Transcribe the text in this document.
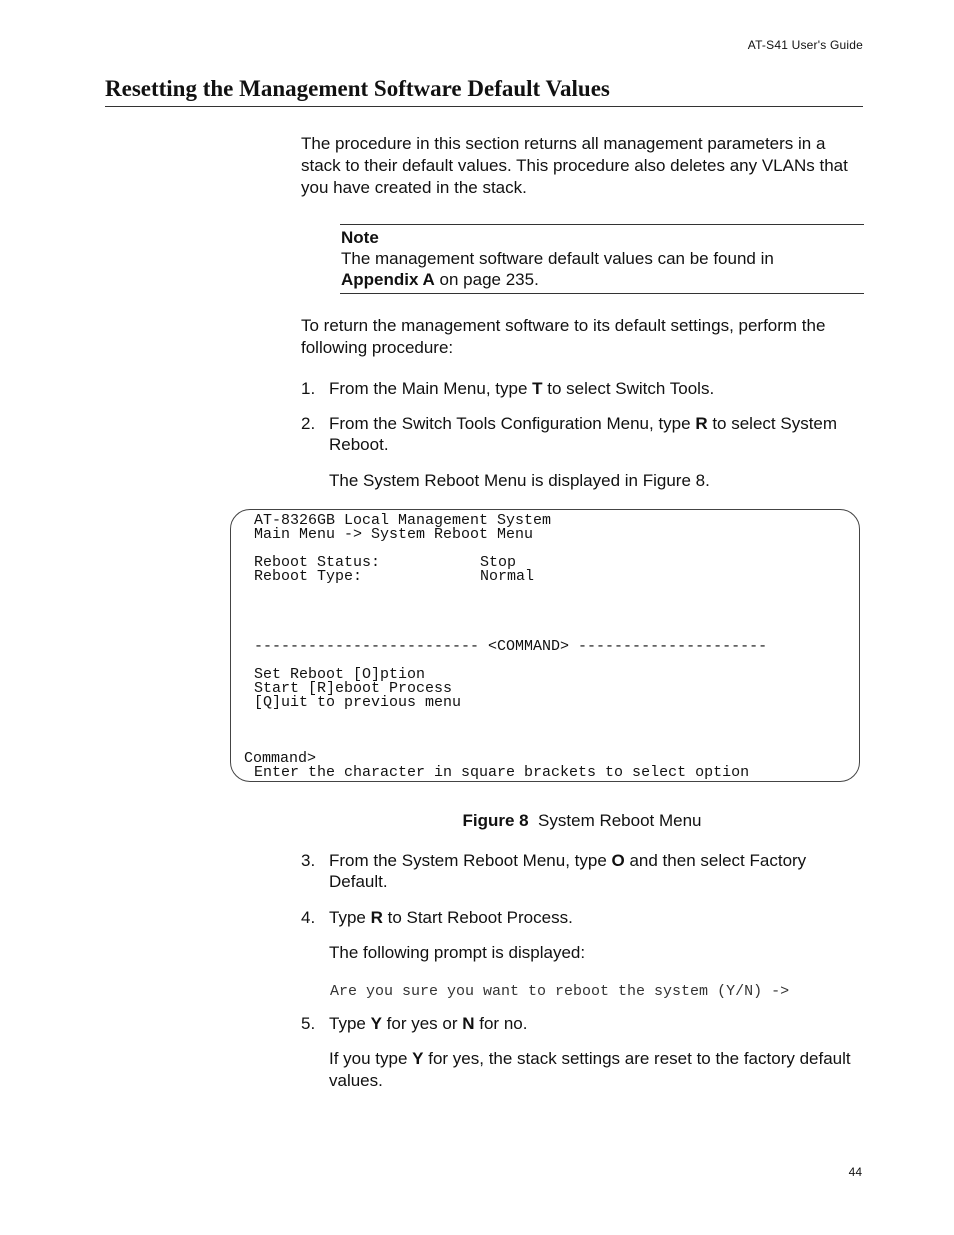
AT-S41 User's Guide
Resetting the Management Software Default Values

The procedure in this section returns all management parameters in a stack to their default values. This procedure also deletes any VLANs that you have created in the stack.

Note
The management software default values can be found in
Appendix A on page 235.

To return the management software to its default settings, perform the following procedure:

1. From the Main Menu, type T to select Switch Tools.
2. From the Switch Tools Configuration Menu, type R to select System Reboot.

The System Reboot Menu is displayed in Figure 8.

AT-8326GB Local Management System
Main Menu -> System Reboot Menu
Reboot Status:	Stop
Reboot Type:	Normal
------------------------- <COMMAND> ---------------------
Set Reboot [O]ption
Start [R]eboot Process
[Q]uit to previous menu
Command>
Enter the character in square brackets to select option
Figure 8 System Reboot Menu
3. From the System Reboot Menu, type O and then select Factory Default.
4. Type R to Start Reboot Process.

The following prompt is displayed:

Are you sure you want to reboot the system (Y/N) ->
5. Type Y for yes or N for no.

If you type Y for yes, the stack settings are reset to the factory default values.

44
